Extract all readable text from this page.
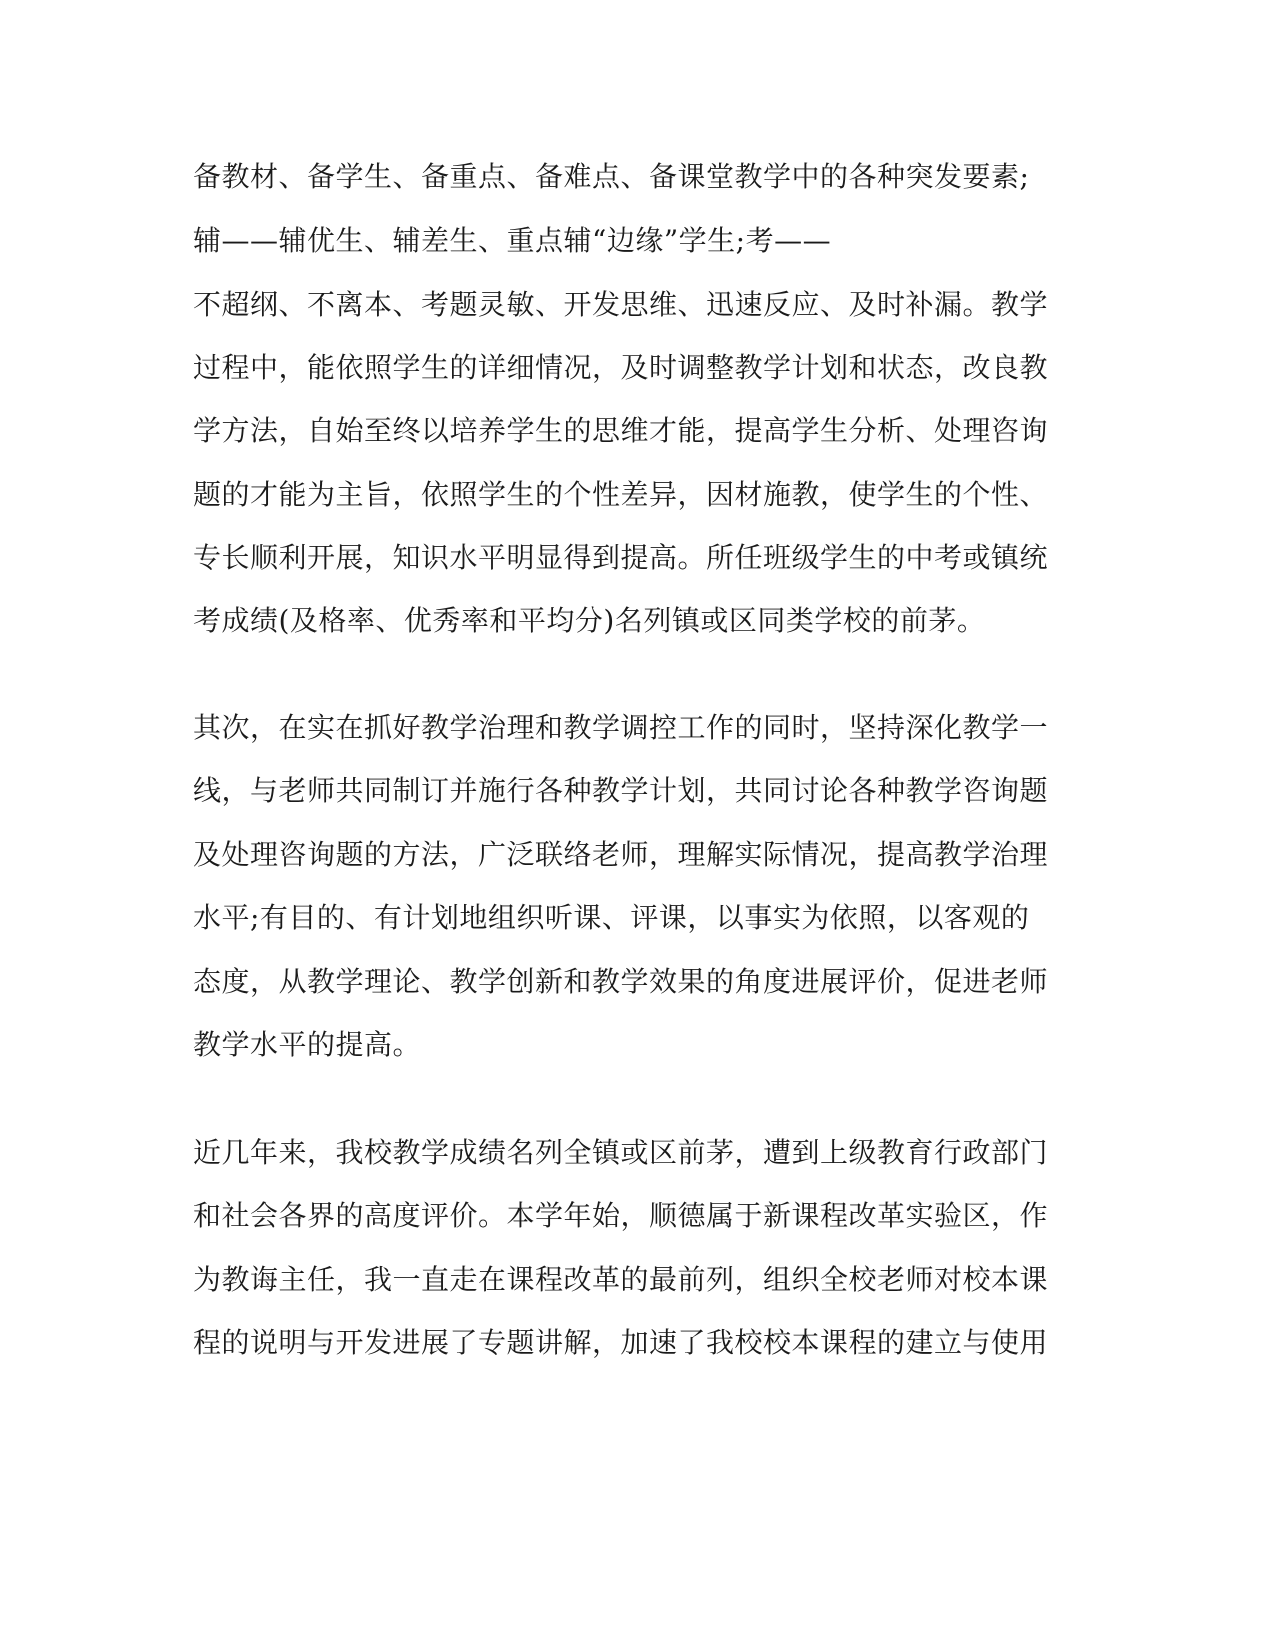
备教材、备学生、备重点、备难点、备课堂教学中的各种突发要素;
辅——辅优生、辅差生、重点辅“边缘”学生;考——
不超纲、不离本、考题灵敏、开发思维、迅速反应、及时补漏。教学
过程中，能依照学生的详细情况，及时调整教学计划和状态，改良教
学方法，自始至终以培养学生的思维才能，提高学生分析、处理咨询
题的才能为主旨，依照学生的个性差异，因材施教，使学生的个性、
专长顺利开展，知识水平明显得到提高。所任班级学生的中考或镇统
考成绩(及格率、优秀率和平均分)名列镇或区同类学校的前茅。
其次，在实在抓好教学治理和教学调控工作的同时，坚持深化教学一
线，与老师共同制订并施行各种教学计划，共同讨论各种教学咨询题
及处理咨询题的方法，广泛联络老师，理解实际情况，提高教学治理
水平;有目的、有计划地组织听课、评课，以事实为依照，以客观的
态度，从教学理论、教学创新和教学效果的角度进展评价，促进老师
教学水平的提高。
近几年来，我校教学成绩名列全镇或区前茅，遭到上级教育行政部门
和社会各界的高度评价。本学年始，顺德属于新课程改革实验区，作
为教诲主任，我一直走在课程改革的最前列，组织全校老师对校本课
程的说明与开发进展了专题讲解，加速了我校校本课程的建立与使用
